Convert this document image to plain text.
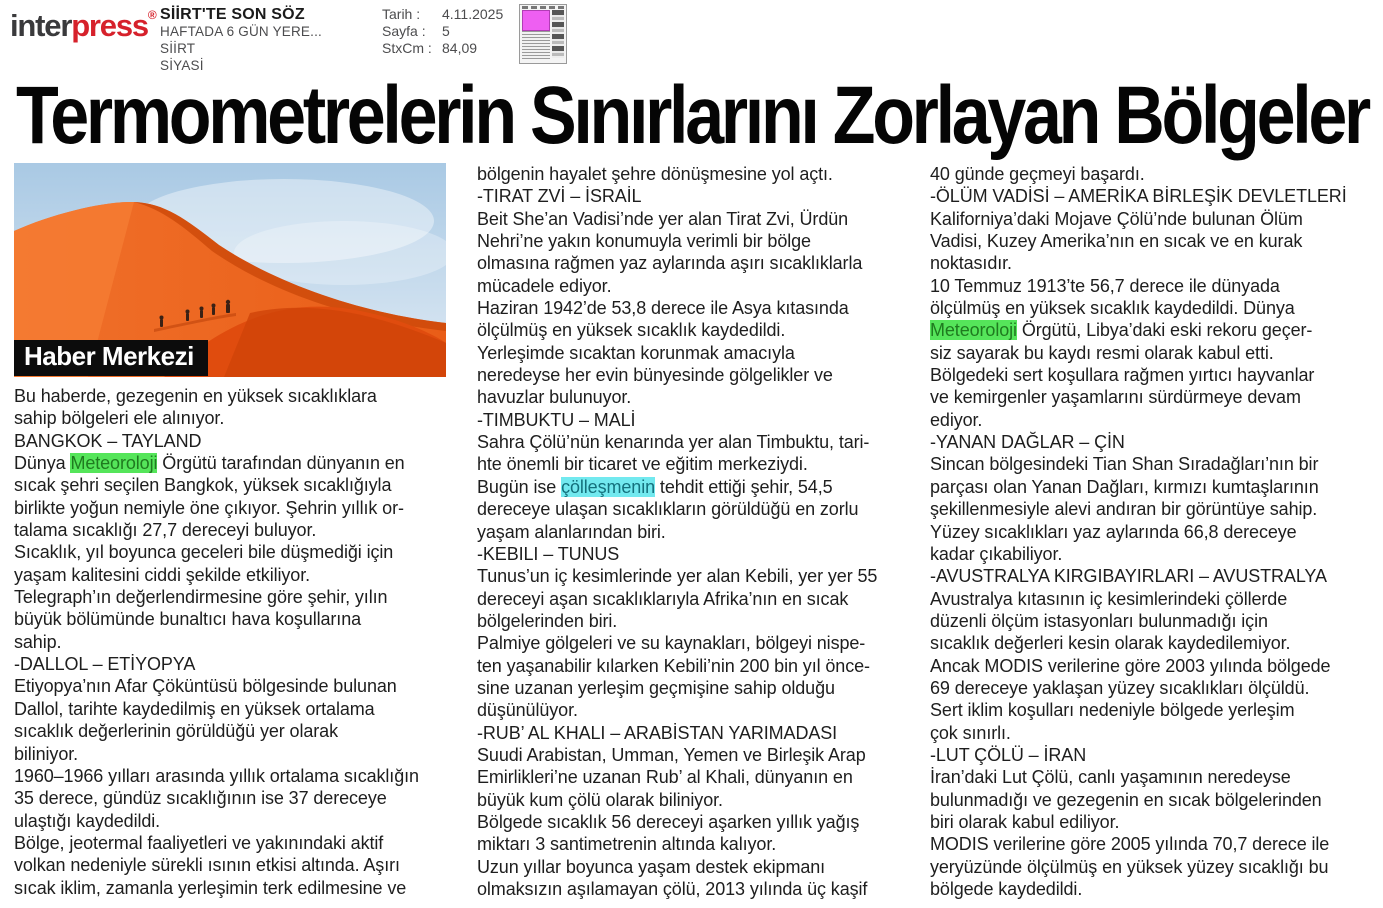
interpress® SİİRT'TE SON SÖZ
HAFTADA 6 GÜN YERE...
SİİRT
SİYASİ
Tarih :	4.11.2025
Sayfa :	5
StxCm : 84,09
Termometrelerin Sınırlarını Zorlayan Bölgeler
Haber Merkezi
Bu haberde, gezegenin en yüksek sıcaklıklara
sahip bölgeleri ele alınıyor.
BANGKOK – TAYLAND
Dünya Meteoroloji Örgütü tarafından dünyanın en
sıcak şehri seçilen Bangkok, yüksek sıcaklığıyla
birlikte yoğun nemiyle öne çıkıyor. Şehrin yıllık or-
talama sıcaklığı 27,7 dereceyi buluyor.
Sıcaklık, yıl boyunca geceleri bile düşmediği için
yaşam kalitesini ciddi şekilde etkiliyor.
Telegraph’ın değerlendirmesine göre şehir, yılın
büyük bölümünde bunaltıcı hava koşullarına
sahip.
-DALLOL – ETİYOPYA
Etiyopya’nın Afar Çöküntüsü bölgesinde bulunan
Dallol, tarihte kaydedilmiş en yüksek ortalama
sıcaklık değerlerinin görüldüğü yer olarak
biliniyor.
1960–1966 yılları arasında yıllık ortalama sıcaklığın
35 derece, gündüz sıcaklığının ise 37 dereceye
ulaştığı kaydedildi.
Bölge, jeotermal faaliyetleri ve yakınındaki aktif
volkan nedeniyle sürekli ısının etkisi altında. Aşırı
sıcak iklim, zamanla yerleşimin terk edilmesine ve
bölgenin hayalet şehre dönüşmesine yol açtı.
-TIRAT ZVİ – İSRAİL
Beit She’an Vadisi’nde yer alan Tirat Zvi, Ürdün
Nehri’ne yakın konumuyla verimli bir bölge
olmasına rağmen yaz aylarında aşırı sıcaklıklarla
mücadele ediyor.
Haziran 1942’de 53,8 derece ile Asya kıtasında
ölçülmüş en yüksek sıcaklık kaydedildi.
Yerleşimde sıcaktan korunmak amacıyla
neredeyse her evin bünyesinde gölgelikler ve
havuzlar bulunuyor.
-TIMBUKTU – MALİ
Sahra Çölü’nün kenarında yer alan Timbuktu, tari-
hte önemli bir ticaret ve eğitim merkeziydi.
Bugün ise çölleşmenin tehdit ettiği şehir, 54,5
dereceye ulaşan sıcaklıkların görüldüğü en zorlu
yaşam alanlarından biri.
-KEBILI – TUNUS
Tunus’un iç kesimlerinde yer alan Kebili, yer yer 55
dereceyi aşan sıcaklıklarıyla Afrika’nın en sıcak
bölgelerinden biri.
Palmiye gölgeleri ve su kaynakları, bölgeyi nispe-
ten yaşanabilir kılarken Kebili’nin 200 bin yıl önce-
sine uzanan yerleşim geçmişine sahip olduğu
düşünülüyor.
-RUB’ AL KHALI – ARABİSTAN YARIMADASI
Suudi Arabistan, Umman, Yemen ve Birleşik Arap
Emirlikleri’ne uzanan Rub’ al Khali, dünyanın en
büyük kum çölü olarak biliniyor.
Bölgede sıcaklık 56 dereceyi aşarken yıllık yağış
miktarı 3 santimetrenin altında kalıyor.
Uzun yıllar boyunca yaşam destek ekipmanı
olmaksızın aşılamayan çölü, 2013 yılında üç kaşif
40 günde geçmeyi başardı.
-ÖLÜM VADİSİ – AMERİKA BİRLEŞİK DEVLETLERİ
Kaliforniya’daki Mojave Çölü’nde bulunan Ölüm
Vadisi, Kuzey Amerika’nın en sıcak ve en kurak
noktasıdır.
10 Temmuz 1913’te 56,7 derece ile dünyada
ölçülmüş en yüksek sıcaklık kaydedildi. Dünya
Meteoroloji Örgütü, Libya’daki eski rekoru geçer-
siz sayarak bu kaydı resmi olarak kabul etti.
Bölgedeki sert koşullara rağmen yırtıcı hayvanlar
ve kemirgenler yaşamlarını sürdürmeye devam
ediyor.
-YANAN DAĞLAR – ÇİN
Sincan bölgesindeki Tian Shan Sıradağları’nın bir
parçası olan Yanan Dağları, kırmızı kumtaşlarının
şekillenmesiyle alevi andıran bir görüntüye sahip.
Yüzey sıcaklıkları yaz aylarında 66,8 dereceye
kadar çıkabiliyor.
-AVUSTRALYA KIRGIBAYIRLARI – AVUSTRALYA
Avustralya kıtasının iç kesimlerindeki çöllerde
düzenli ölçüm istasyonları bulunmadığı için
sıcaklık değerleri kesin olarak kaydedilemiyor.
Ancak MODIS verilerine göre 2003 yılında bölgede
69 dereceye yaklaşan yüzey sıcaklıkları ölçüldü.
Sert iklim koşulları nedeniyle bölgede yerleşim
çok sınırlı.
-LUT ÇÖLÜ – İRAN
İran’daki Lut Çölü, canlı yaşamının neredeyse
bulunmadığı ve gezegenin en sıcak bölgelerinden
biri olarak kabul ediliyor.
MODIS verilerine göre 2005 yılında 70,7 derece ile
yeryüzünde ölçülmüş en yüksek yüzey sıcaklığı bu
bölgede kaydedildi.
